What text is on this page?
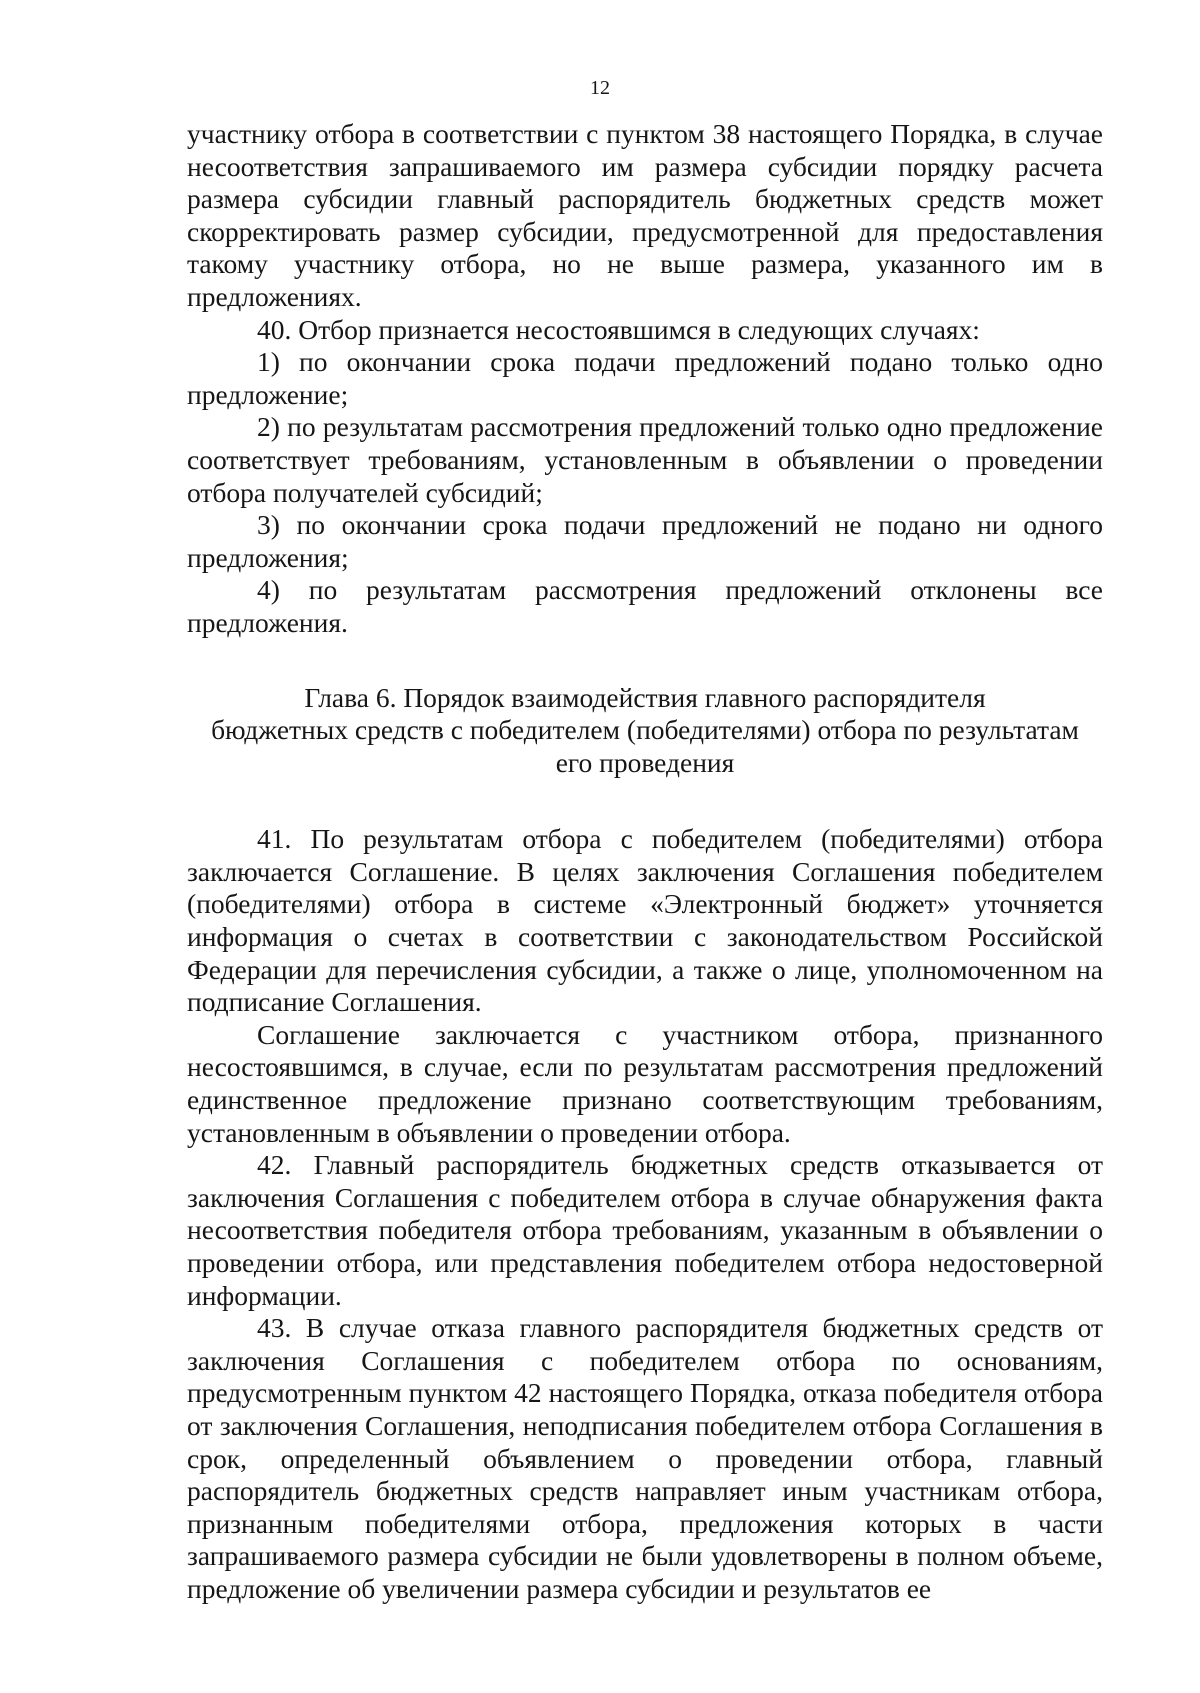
12

участнику отбора в соответствии с пунктом 38 настоящего Порядка, в случае несоответствия запрашиваемого им размера субсидии порядку расчета размера субсидии главный распорядитель бюджетных средств может скорректировать размер субсидии, предусмотренной для предоставления такому участнику отбора, но не выше размера, указанного им в предложениях.

40. Отбор признается несостоявшимся в следующих случаях:

1) по окончании срока подачи предложений подано только одно предложение;

2) по результатам рассмотрения предложений только одно предложение соответствует требованиям, установленным в объявлении о проведении отбора получателей субсидий;

3) по окончании срока подачи предложений не подано ни одного предложения;

4) по результатам рассмотрения предложений отклонены все предложения.

Глава 6. Порядок взаимодействия главного распорядителя
бюджетных средств с победителем (победителями) отбора по результатам
его проведения

41. По результатам отбора с победителем (победителями) отбора заключается Соглашение. В целях заключения Соглашения победителем (победителями) отбора в системе «Электронный бюджет» уточняется информация о счетах в соответствии с законодательством Российской Федерации для перечисления субсидии, а также о лице, уполномоченном на подписание Соглашения.

Соглашение заключается с участником отбора, признанного несостоявшимся, в случае, если по результатам рассмотрения предложений единственное предложение признано соответствующим требованиям, установленным в объявлении о проведении отбора.

42. Главный распорядитель бюджетных средств отказывается от заключения Соглашения с победителем отбора в случае обнаружения факта несоответствия победителя отбора требованиям, указанным в объявлении о проведении отбора, или представления победителем отбора недостоверной информации.

43. В случае отказа главного распорядителя бюджетных средств от заключения Соглашения с победителем отбора по основаниям, предусмотренным пунктом 42 настоящего Порядка, отказа победителя отбора от заключения Соглашения, неподписания победителем отбора Соглашения в срок, определенный объявлением о проведении отбора, главный распорядитель бюджетных средств направляет иным участникам отбора, признанным победителями отбора, предложения которых в части запрашиваемого размера субсидии не были удовлетворены в полном объеме, предложение об увеличении размера субсидии и результатов ее
